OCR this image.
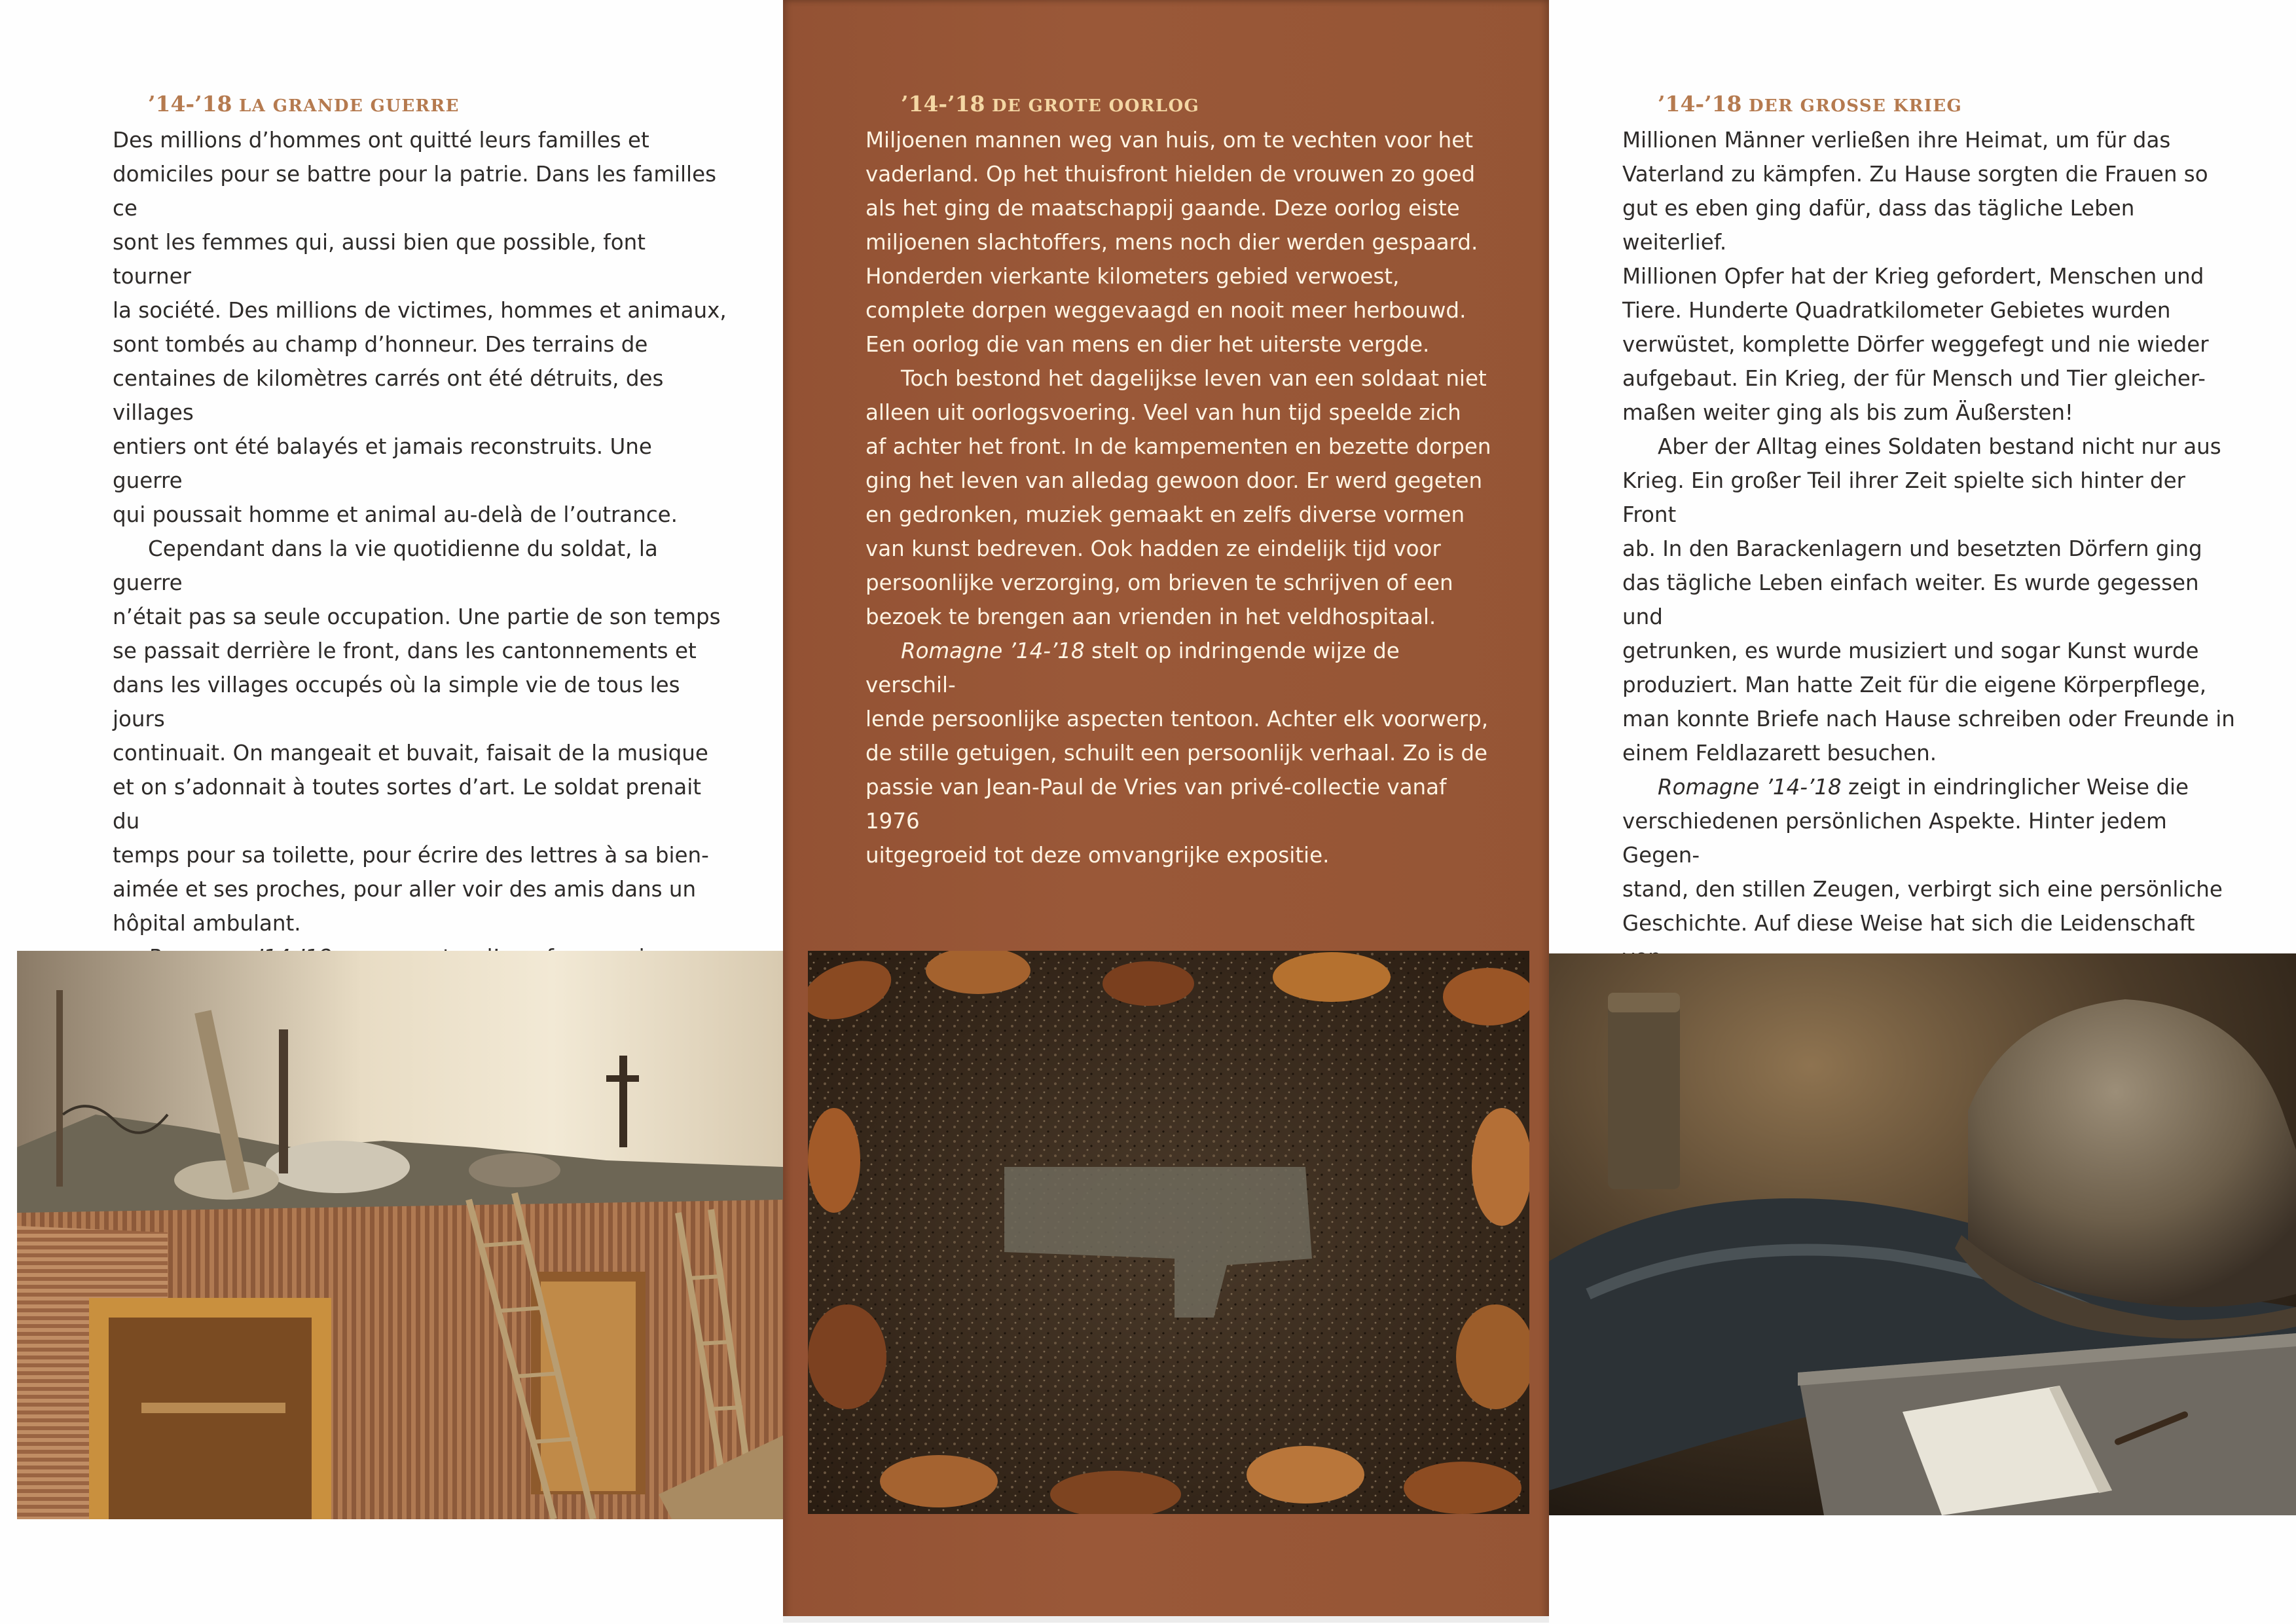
’14-’18 LA GRANDE GUERRE

Des millions d’hommes ont quitté leurs familles et
domiciles pour se battre pour la patrie. Dans les familles ce
sont les femmes qui, aussi bien que possible, font tourner
la société. Des millions de victimes, hommes et animaux,
sont tombés au champ d’honneur. Des terrains de
centaines de kilomètres carrés ont été détruits, des villages
entiers ont été balayés et jamais reconstruits. Une guerre
qui poussait homme et animal au-delà de l’outrance.

Cependant dans la vie quotidienne du soldat, la guerre
n’était pas sa seule occupation. Une partie de son temps
se passait derrière le front, dans les cantonnements et
dans les villages occupés où la simple vie de tous les jours
continuait. On mangeait et buvait, faisait de la musique
et on s’adonnait à toutes sortes d’art. Le soldat prenait du
temps pour sa toilette, pour écrire des lettres à sa bien-
aimée et ses proches, pour aller voir des amis dans un
hôpital ambulant.

’14-’18 DE GROTE OORLOG

Miljoenen mannen weg van huis, om te vechten voor het
vaderland. Op het thuisfront hielden de vrouwen zo goed
als het ging de maatschappij gaande. Deze oorlog eiste
miljoenen slachtoffers, mens noch dier werden gespaard.
Honderden vierkante kilometers gebied verwoest,
complete dorpen weggevaagd en nooit meer herbouwd.
Een oorlog die van mens en dier het uiterste vergde.

Toch bestond het dagelijkse leven van een soldaat niet
alleen uit oorlogsvoering. Veel van hun tijd speelde zich
af achter het front. In de kampementen en bezette dorpen
ging het leven van alledag gewoon door. Er werd gegeten
en gedronken, muziek gemaakt en zelfs diverse vormen
van kunst bedreven. Ook hadden ze eindelijk tijd voor
persoonlijke verzorging, om brieven te schrijven of een
bezoek te brengen aan vrienden in het veldhospitaal.

Romagne ’14-’18 stelt op indringende wijze de verschil-
lende persoonlijke aspecten tentoon. Achter elk voorwerp,
de stille getuigen, schuilt een persoonlijk verhaal. Zo is de
passie van Jean-Paul de Vries van privé-collectie vanaf 1976
uitgegroeid tot deze omvangrijke expositie.

’14-’18 DER GROSSE KRIEG

Millionen Männer verließen ihre Heimat, um für das
Vaterland zu kämpfen. Zu Hause sorgten die Frauen so
gut es eben ging dafür, dass das tägliche Leben weiterlief.
Millionen Opfer hat der Krieg gefordert, Menschen und
Tiere. Hunderte Quadratkilometer Gebietes wurden
verwüstet, komplette Dörfer weggefegt und nie wieder
aufgebaut. Ein Krieg, der für Mensch und Tier gleicher-
maßen weiter ging als bis zum Äußersten!

Aber der Alltag eines Soldaten bestand nicht nur aus
Krieg. Ein großer Teil ihrer Zeit spielte sich hinter der Front
ab. In den Barackenlagern und besetzten Dörfern ging
das tägliche Leben einfach weiter. Es wurde gegessen und
getrunken, es wurde musiziert und sogar Kunst wurde
produziert. Man hatte Zeit für die eigene Körperpflege,
man konnte Briefe nach Hause schreiben oder Freunde in
einem Feldlazarett besuchen.

Romagne ’14-’18 zeigt in eindringlicher Weise die
verschiedenen persönlichen Aspekte. Hinter jedem Gegen-
stand, den stillen Zeugen, verbirgt sich eine persönliche
Geschichte. Auf diese Weise hat sich die Leidenschaft
